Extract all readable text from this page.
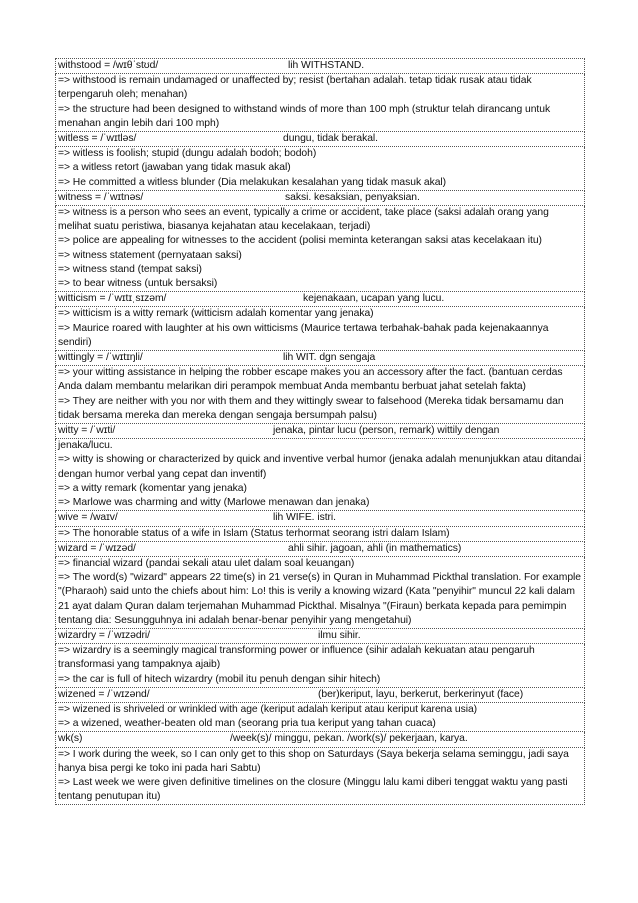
withstood = /wɪθˈstʊd/	lih WITHSTAND.

=> withstood is remain undamaged or unaffected by; resist (bertahan adalah. tetap tidak rusak atau tidak terpengaruh oleh; menahan)
=> the structure had been designed to withstand winds of more than 100 mph (struktur telah dirancang untuk menahan angin lebih dari 100 mph)

witless = /ˈwɪtləs/	dungu, tidak berakal.

=> witless is foolish; stupid (dungu adalah bodoh; bodoh)
=> a witless retort (jawaban yang tidak masuk akal)
=> He committed a witless blunder (Dia melakukan kesalahan yang tidak masuk akal)

witness = /ˈwɪtnəs/	saksi. kesaksian, penyaksian.

=> witness is a person who sees an event, typically a crime or accident, take place (saksi adalah orang yang melihat suatu peristiwa, biasanya kejahatan atau kecelakaan, terjadi)
=> police are appealing for witnesses to the accident (polisi meminta keterangan saksi atas kecelakaan itu)
=> witness statement (pernyataan saksi)
=> witness stand (tempat saksi)
=> to bear witness (untuk bersaksi)

witticism = /ˈwɪtɪˌsɪzəm/	kejenakaan, ucapan yang lucu.

=> witticism is a witty remark (witticism adalah komentar yang jenaka)
=> Maurice roared with laughter at his own witticisms (Maurice tertawa terbahak-bahak pada kejenakaannya sendiri)

wittingly = /ˈwɪtɪŋli/	lih WIT. dgn sengaja

=> your witting assistance in helping the robber escape makes you an accessory after the fact. (bantuan cerdas Anda dalam membantu melarikan diri perampok membuat Anda membantu berbuat jahat setelah fakta)
=> They are neither with you nor with them and they wittingly swear to falsehood (Mereka tidak bersamamu dan tidak bersama mereka dan mereka dengan sengaja bersumpah palsu)

witty = /ˈwɪti/	jenaka, pintar lucu (person, remark) wittily dengan

jenaka/lucu.
=> witty is showing or characterized by quick and inventive verbal humor (jenaka adalah menunjukkan atau ditandai dengan humor verbal yang cepat dan inventif)
=> a witty remark (komentar yang jenaka)
=> Marlowe was charming and witty (Marlowe menawan dan jenaka)

wive = /waɪv/	lih WIFE. istri.

=> The honorable status of a wife in Islam (Status terhormat seorang istri dalam Islam)

wizard = /ˈwɪzəd/	ahli sihir. jagoan, ahli (in mathematics)

=> financial wizard (pandai sekali atau ulet dalam soal keuangan)
=> The word(s) "wizard" appears 22 time(s) in 21 verse(s) in Quran in Muhammad Pickthal translation. For example "(Pharaoh) said unto the chiefs about him: Lo! this is verily a knowing wizard (Kata "penyihir" muncul 22 kali dalam 21 ayat dalam Quran dalam terjemahan Muhammad Pickthal. Misalnya "(Firaun) berkata kepada para pemimpin tentang dia: Sesungguhnya ini adalah benar-benar penyihir yang mengetahui)

wizardry = /ˈwɪzədri/	ilmu sihir.

=> wizardry is a seemingly magical transforming power or influence (sihir adalah kekuatan atau pengaruh transformasi yang tampaknya ajaib)
=> the car is full of hitech wizardry (mobil itu penuh dengan sihir hitech)

wizened = /ˈwɪzənd/	(ber)keriput, layu, berkerut, berkerinyut (face)

=> wizened is shriveled or wrinkled with age (keriput adalah keriput atau keriput karena usia)
=> a wizened, weather-beaten old man (seorang pria tua keriput yang tahan cuaca)

wk(s)	/week(s)/ minggu, pekan. /work(s)/ pekerjaan, karya.

=> I work during the week, so I can only get to this shop on Saturdays (Saya bekerja selama seminggu, jadi saya hanya bisa pergi ke toko ini pada hari Sabtu)
=> Last week we were given definitive timelines on the closure (Minggu lalu kami diberi tenggat waktu yang pasti tentang penutupan itu)
